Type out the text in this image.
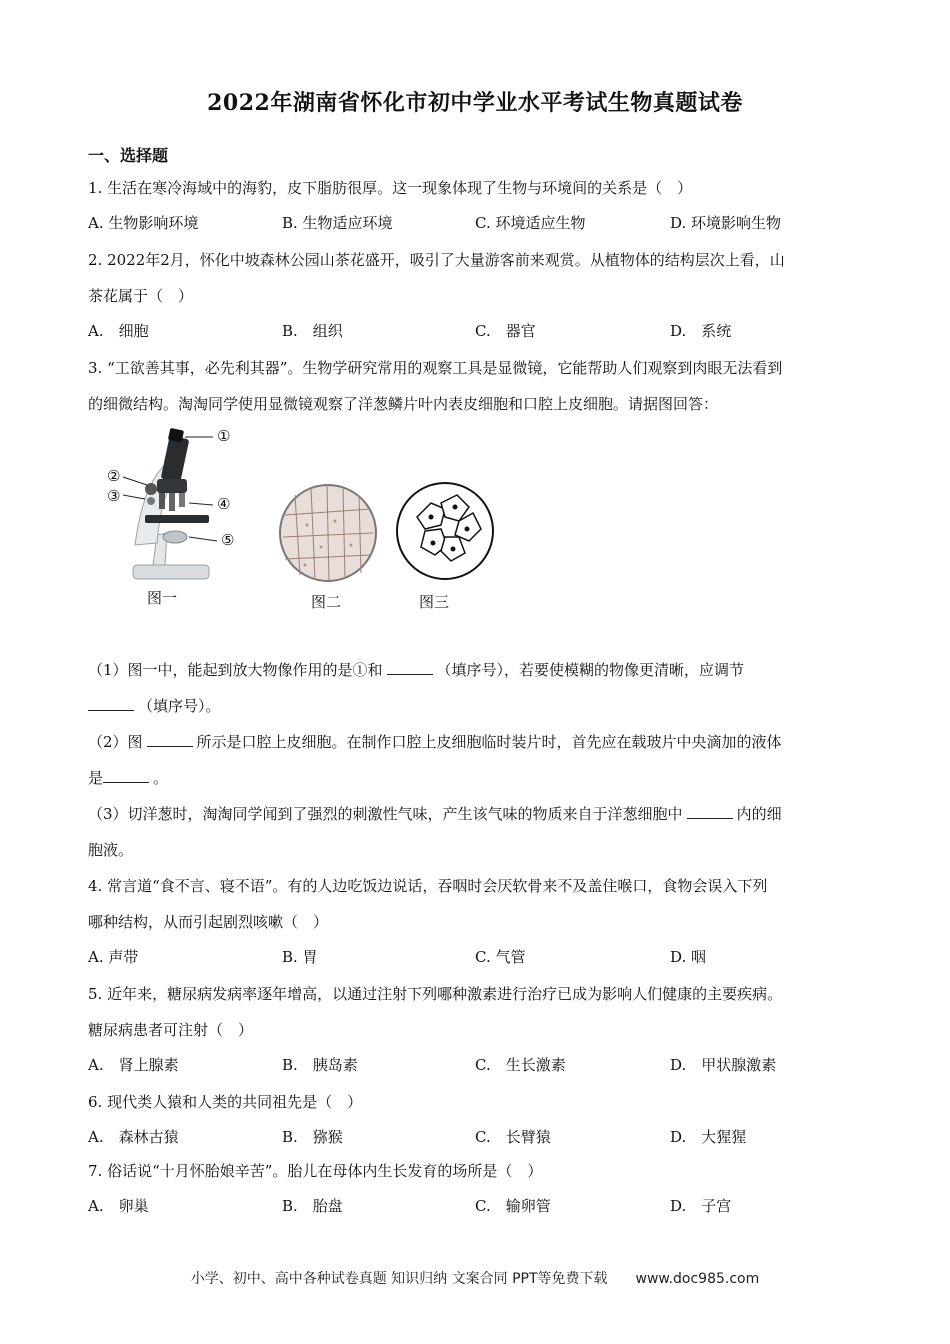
2022年湖南省怀化市初中学业水平考试生物真题试卷
一、选择题
1. 生活在寒冷海域中的海豹，皮下脂肪很厚。这一现象体现了生物与环境间的关系是（　）
A. 生物影响环境	B. 生物适应环境	C. 环境适应生物	D. 环境影响生物
2. 2022年2月，怀化中坡森林公园山茶花盛开，吸引了大量游客前来观赏。从植物体的结构层次上看，山
茶花属于（　）
A.　细胞	B.　组织	C.　器官	D.　系统
3. “工欲善其事，必先利其器”。生物学研究常用的观察工具是显微镜，它能帮助人们观察到肉眼无法看到
的细微结构。淘淘同学使用显微镜观察了洋葱鳞片叶内表皮细胞和口腔上皮细胞。请据图回答：
①
②
③	④
⑤
图一	图二	图三
（1）图一中，能起到放大物像作用的是①和	（填序号），若要使模糊的物像更清晰，应调节
（填序号）。
（2）图	所示是口腔上皮细胞。在制作口腔上皮细胞临时装片时，首先应在载玻片中央滴加的液体
是	。
（3）切洋葱时，淘淘同学闻到了强烈的刺激性气味，产生该气味的物质来自于洋葱细胞中	内的细
胞液。
4. 常言道“食不言、寝不语”。有的人边吃饭边说话，吞咽时会厌软骨来不及盖住喉口，食物会误入下列
哪种结构，从而引起剧烈咳嗽（　）
A. 声带	B. 胃	C. 气管	D. 咽
5. 近年来，糖尿病发病率逐年增高，以通过注射下列哪种激素进行治疗已成为影响人们健康的主要疾病。
糖尿病患者可注射（　）
A.　肾上腺素	B.　胰岛素	C.　生长激素	D.　甲状腺激素
6. 现代类人猿和人类的共同祖先是（　）
A.　森林古猿	B.　猕猴	C.　长臂猿	D.　大猩猩
7. 俗话说“十月怀胎娘辛苦”。胎儿在母体内生长发育的场所是（　）
A.　卵巢	B.　胎盘	C.　输卵管	D.　子宫
小学、初中、高中各种试卷真题 知识归纳 文案合同 PPT等免费下载　　www.doc985.com
